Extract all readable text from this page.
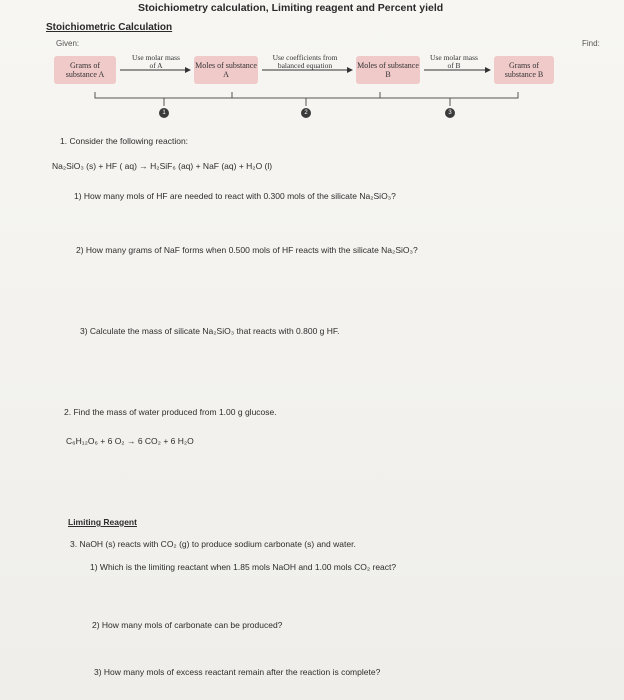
Stoichiometry calculation, Limiting reagent and Percent yield
Stoichiometric Calculation
Given:	Find:
Grams of substance A
Use molar mass of A	Moles of substance A
Use coefficients from balanced equation	Moles of substance B
Use molar mass of B	Grams of substance B
1	2	3
1. Consider the following reaction:
Na₂SiO₃ (s) + HF ( aq) → H₂SiF₆ (aq) + NaF (aq) + H₂O (l)
1) How many mols of HF are needed to react with 0.300 mols of the silicate Na₂SiO₃?
2) How many grams of NaF forms when 0.500 mols of HF reacts with the silicate Na₂SiO₃?
3) Calculate the mass of silicate Na₂SiO₃ that reacts with 0.800 g HF.
2. Find the mass of water produced from 1.00 g glucose.
C₆H₁₂O₆ + 6 O₂ → 6 CO₂ + 6 H₂O
Limiting Reagent
3. NaOH (s) reacts with CO₂ (g) to produce sodium carbonate (s) and water.
1) Which is the limiting reactant when 1.85 mols NaOH and 1.00 mols CO₂ react?
2) How many mols of carbonate can be produced?
3) How many mols of excess reactant remain after the reaction is complete?
